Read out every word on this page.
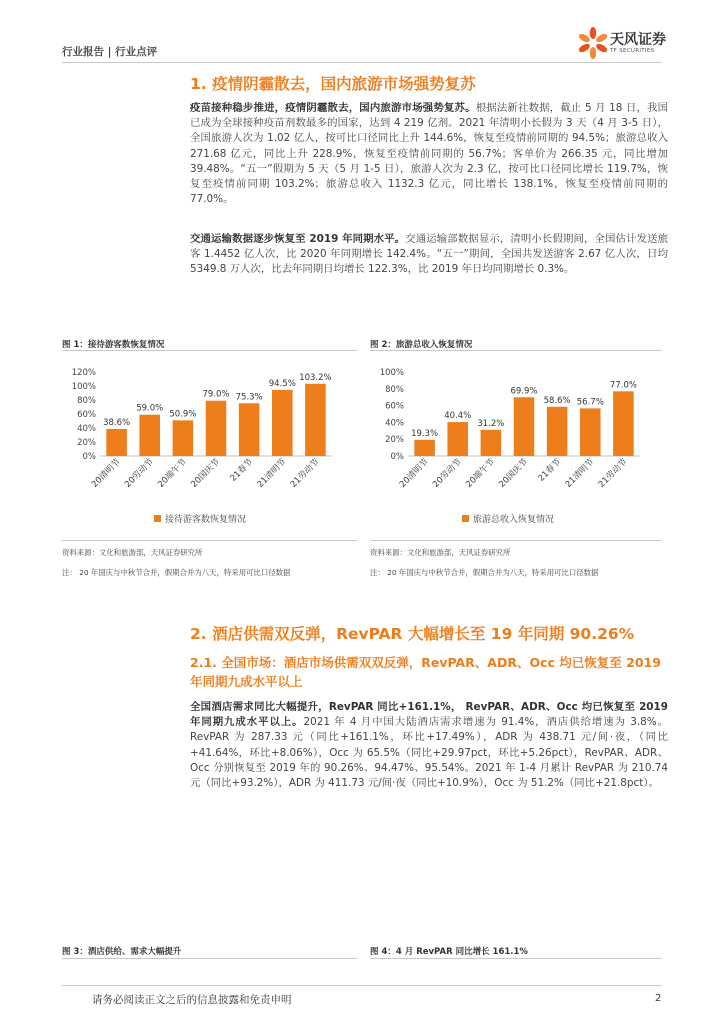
行业报告 | 行业点评
天风证券
TF SECURITIES
1. 疫情阴霾散去，国内旅游市场强势复苏
疫苗接种稳步推进，疫情阴霾散去，国内旅游市场强势复苏。根据法新社数据，截止 5 月 18 日，我国已成为全球接种疫苗剂数最多的国家，达到 4 219 亿剂。2021 年清明小长假为 3 天（4 月 3-5 日），全国旅游人次为 1.02 亿人，按可比口径同比上升 144.6%，恢复至疫情前同期的 94.5%；旅游总收入 271.68 亿元，同比上升 228.9%，恢复至疫情前同期的 56.7%；客单价为 266.35 元，同比增加 39.48%。“五一”假期为 5 天（5 月 1-5 日），旅游人次为 2.3 亿，按可比口径同比增长 119.7%，恢复至疫情前同期 103.2%；旅游总收入 1132.3 亿元，同比增长 138.1%，恢复至疫情前同期的 77.0%。
交通运输数据逐步恢复至 2019 年同期水平。交通运输部数据显示，清明小长假期间，全国估计发送旅客 1.4452 亿人次，比 2020 年同期增长 142.4%。“五一”期间，全国共发送游客 2.67 亿人次，日均 5349.8 万人次，比去年同期日均增长 122.3%，比 2019 年日均同期增长 0.3%。
图 1：接待游客数恢复情况
0%
20%
40%
60%
80%
100%
120%
38.6%
20清明节
59.0%
20劳动节
50.9%
20端午节
79.0%
20国庆节
75.3%
21春节
94.5%
21清明节
103.2%
21劳动节
接待游客数恢复情况
资料来源：文化和旅游部，天风证券研究所
注： 20 年国庆与中秋节合并，假期合并为八天，特采用可比口径数据
图 2：旅游总收入恢复情况
0%
20%
40%
60%
80%
100%
19.3%
20清明节
40.4%
20劳动节
31.2%
20端午节
69.9%
20国庆节
58.6%
21春节
56.7%
21清明节
77.0%
21劳动节
旅游总收入恢复情况
资料来源：文化和旅游部，天风证券研究所
注： 20 年国庆与中秋节合并，假期合并为八天，特采用可比口径数据
2. 酒店供需双反弹，RevPAR 大幅增长至 19 年同期 90.26%
2.1. 全国市场：酒店市场供需双双反弹，RevPAR、ADR、Occ 均已恢复至 2019 年同期九成水平以上
全国酒店需求同比大幅提升，RevPAR 同比+161.1%， RevPAR、ADR、Occ 均已恢复至 2019 年同期九成水平以上。2021 年 4 月中国大陆酒店需求增速为 91.4%，酒店供给增速为 3.8%。RevPAR 为 287.33 元（同比+161.1%，环比+17.49%），ADR 为 438.71 元/间·夜，（同比+41.64%，环比+8.06%），Occ 为 65.5%（同比+29.97pct，环比+5.26pct），RevPAR、ADR、Occ 分别恢复至 2019 年的 90.26%、94.47%、95.54%。2021 年 1-4 月累计 RevPAR 为 210.74 元（同比+93.2%），ADR 为 411.73 元/间·夜（同比+10.9%），Occ 为 51.2%（同比+21.8pct）。
图 3：酒店供给、需求大幅提升	图 4：4 月 RevPAR 同比增长 161.1%
请务必阅读正文之后的信息披露和免责申明	2
